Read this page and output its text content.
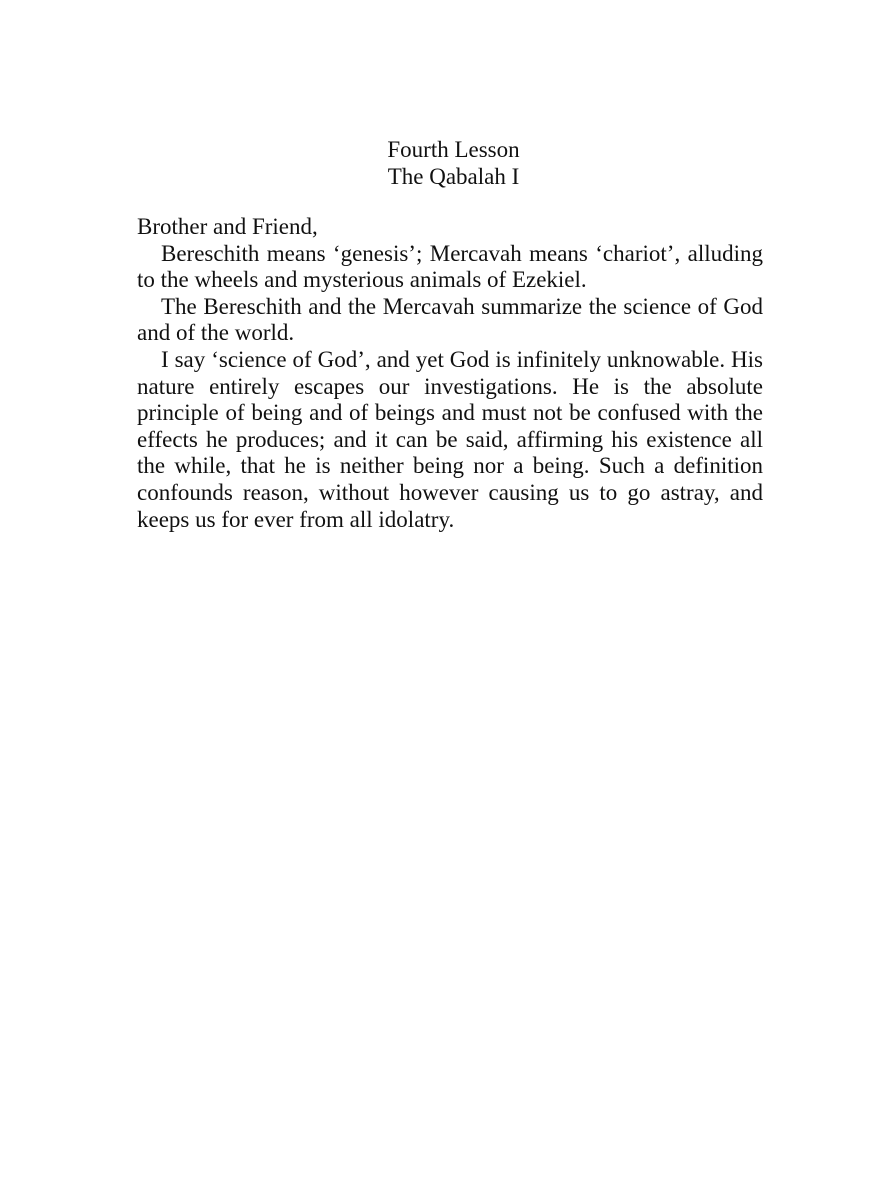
Fourth Lesson
The Qabalah I

Brother and Friend,

Bereschith means ‘genesis’; Mercavah means ‘chariot’, alluding to the wheels and mysterious animals of Ezekiel.

The Bereschith and the Mercavah summarize the science of God and of the world.

I say ‘science of God’, and yet God is infinitely unknowable. His nature entirely escapes our investigations. He is the absolute principle of being and of beings and must not be confused with the effects he produces; and it can be said, affirming his existence all the while, that he is neither being nor a being. Such a definition confounds reason, without however causing us to go astray, and keeps us for ever from all idolatry.
